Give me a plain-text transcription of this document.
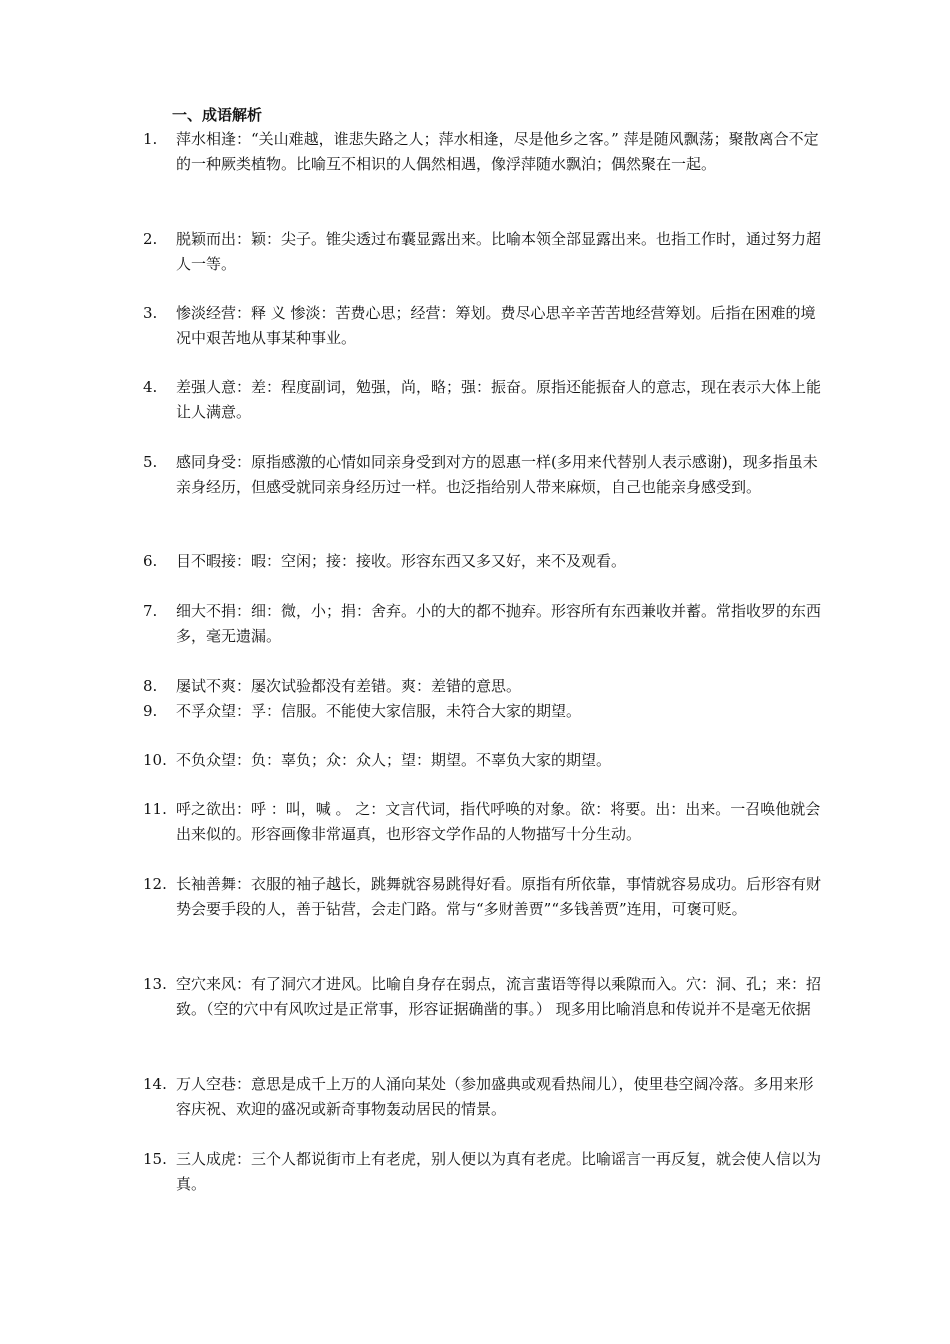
一、成语解析
1.	萍水相逢：“关山难越，谁悲失路之人；萍水相逢，尽是他乡之客。” 萍是随风飘荡；聚散离合不定的一种厥类植物。比喻互不相识的人偶然相遇，像浮萍随水飘泊；偶然聚在一起。
2.	脱颖而出：颖：尖子。锥尖透过布囊显露出来。比喻本领全部显露出来。也指工作时，通过努力超人一等。
3.	惨淡经营：释 义 惨淡：苦费心思；经营：筹划。费尽心思辛辛苦苦地经营筹划。后指在困难的境况中艰苦地从事某种事业。
4.	差强人意：差：程度副词，勉强，尚，略；强：振奋。原指还能振奋人的意志，现在表示大体上能让人满意。
5.	感同身受：原指感激的心情如同亲身受到对方的恩惠一样(多用来代替别人表示感谢)，现多指虽未亲身经历，但感受就同亲身经历过一样。也泛指给别人带来麻烦，自己也能亲身感受到。
6.	目不暇接：暇：空闲；接：接收。形容东西又多又好，来不及观看。
7.	细大不捐：细：微，小；捐：舍弃。小的大的都不抛弃。形容所有东西兼收并蓄。常指收罗的东西多，毫无遗漏。
8.	屡试不爽：屡次试验都没有差错。爽：差错的意思。
9.	不孚众望：孚：信服。不能使大家信服，未符合大家的期望。
10. 不负众望：负：辜负；众：众人；望：期望。不辜负大家的期望。
11. 呼之欲出：呼 ：叫，喊 。 之：文言代词，指代呼唤的对象。欲：将要。出：出来。一召唤他就会出来似的。形容画像非常逼真，也形容文学作品的人物描写十分生动。
12. 长袖善舞：衣服的袖子越长，跳舞就容易跳得好看。原指有所依靠，事情就容易成功。后形容有财势会要手段的人，善于钻营，会走门路。常与“多财善贾”“多钱善贾”连用，可褒可贬。
13. 空穴来风：有了洞穴才进风。比喻自身存在弱点，流言蜚语等得以乘隙而入。穴：洞、孔；来：招致。（空的穴中有风吹过是正常事，形容证据确凿的事。） 现多用比喻消息和传说并不是毫无依据
14. 万人空巷：意思是成千上万的人涌向某处（参加盛典或观看热闹儿），使里巷空阔冷落。多用来形容庆祝、欢迎的盛况或新奇事物轰动居民的情景。
15. 三人成虎：三个人都说街市上有老虎，别人便以为真有老虎。比喻谣言一再反复，就会使人信以为真。
